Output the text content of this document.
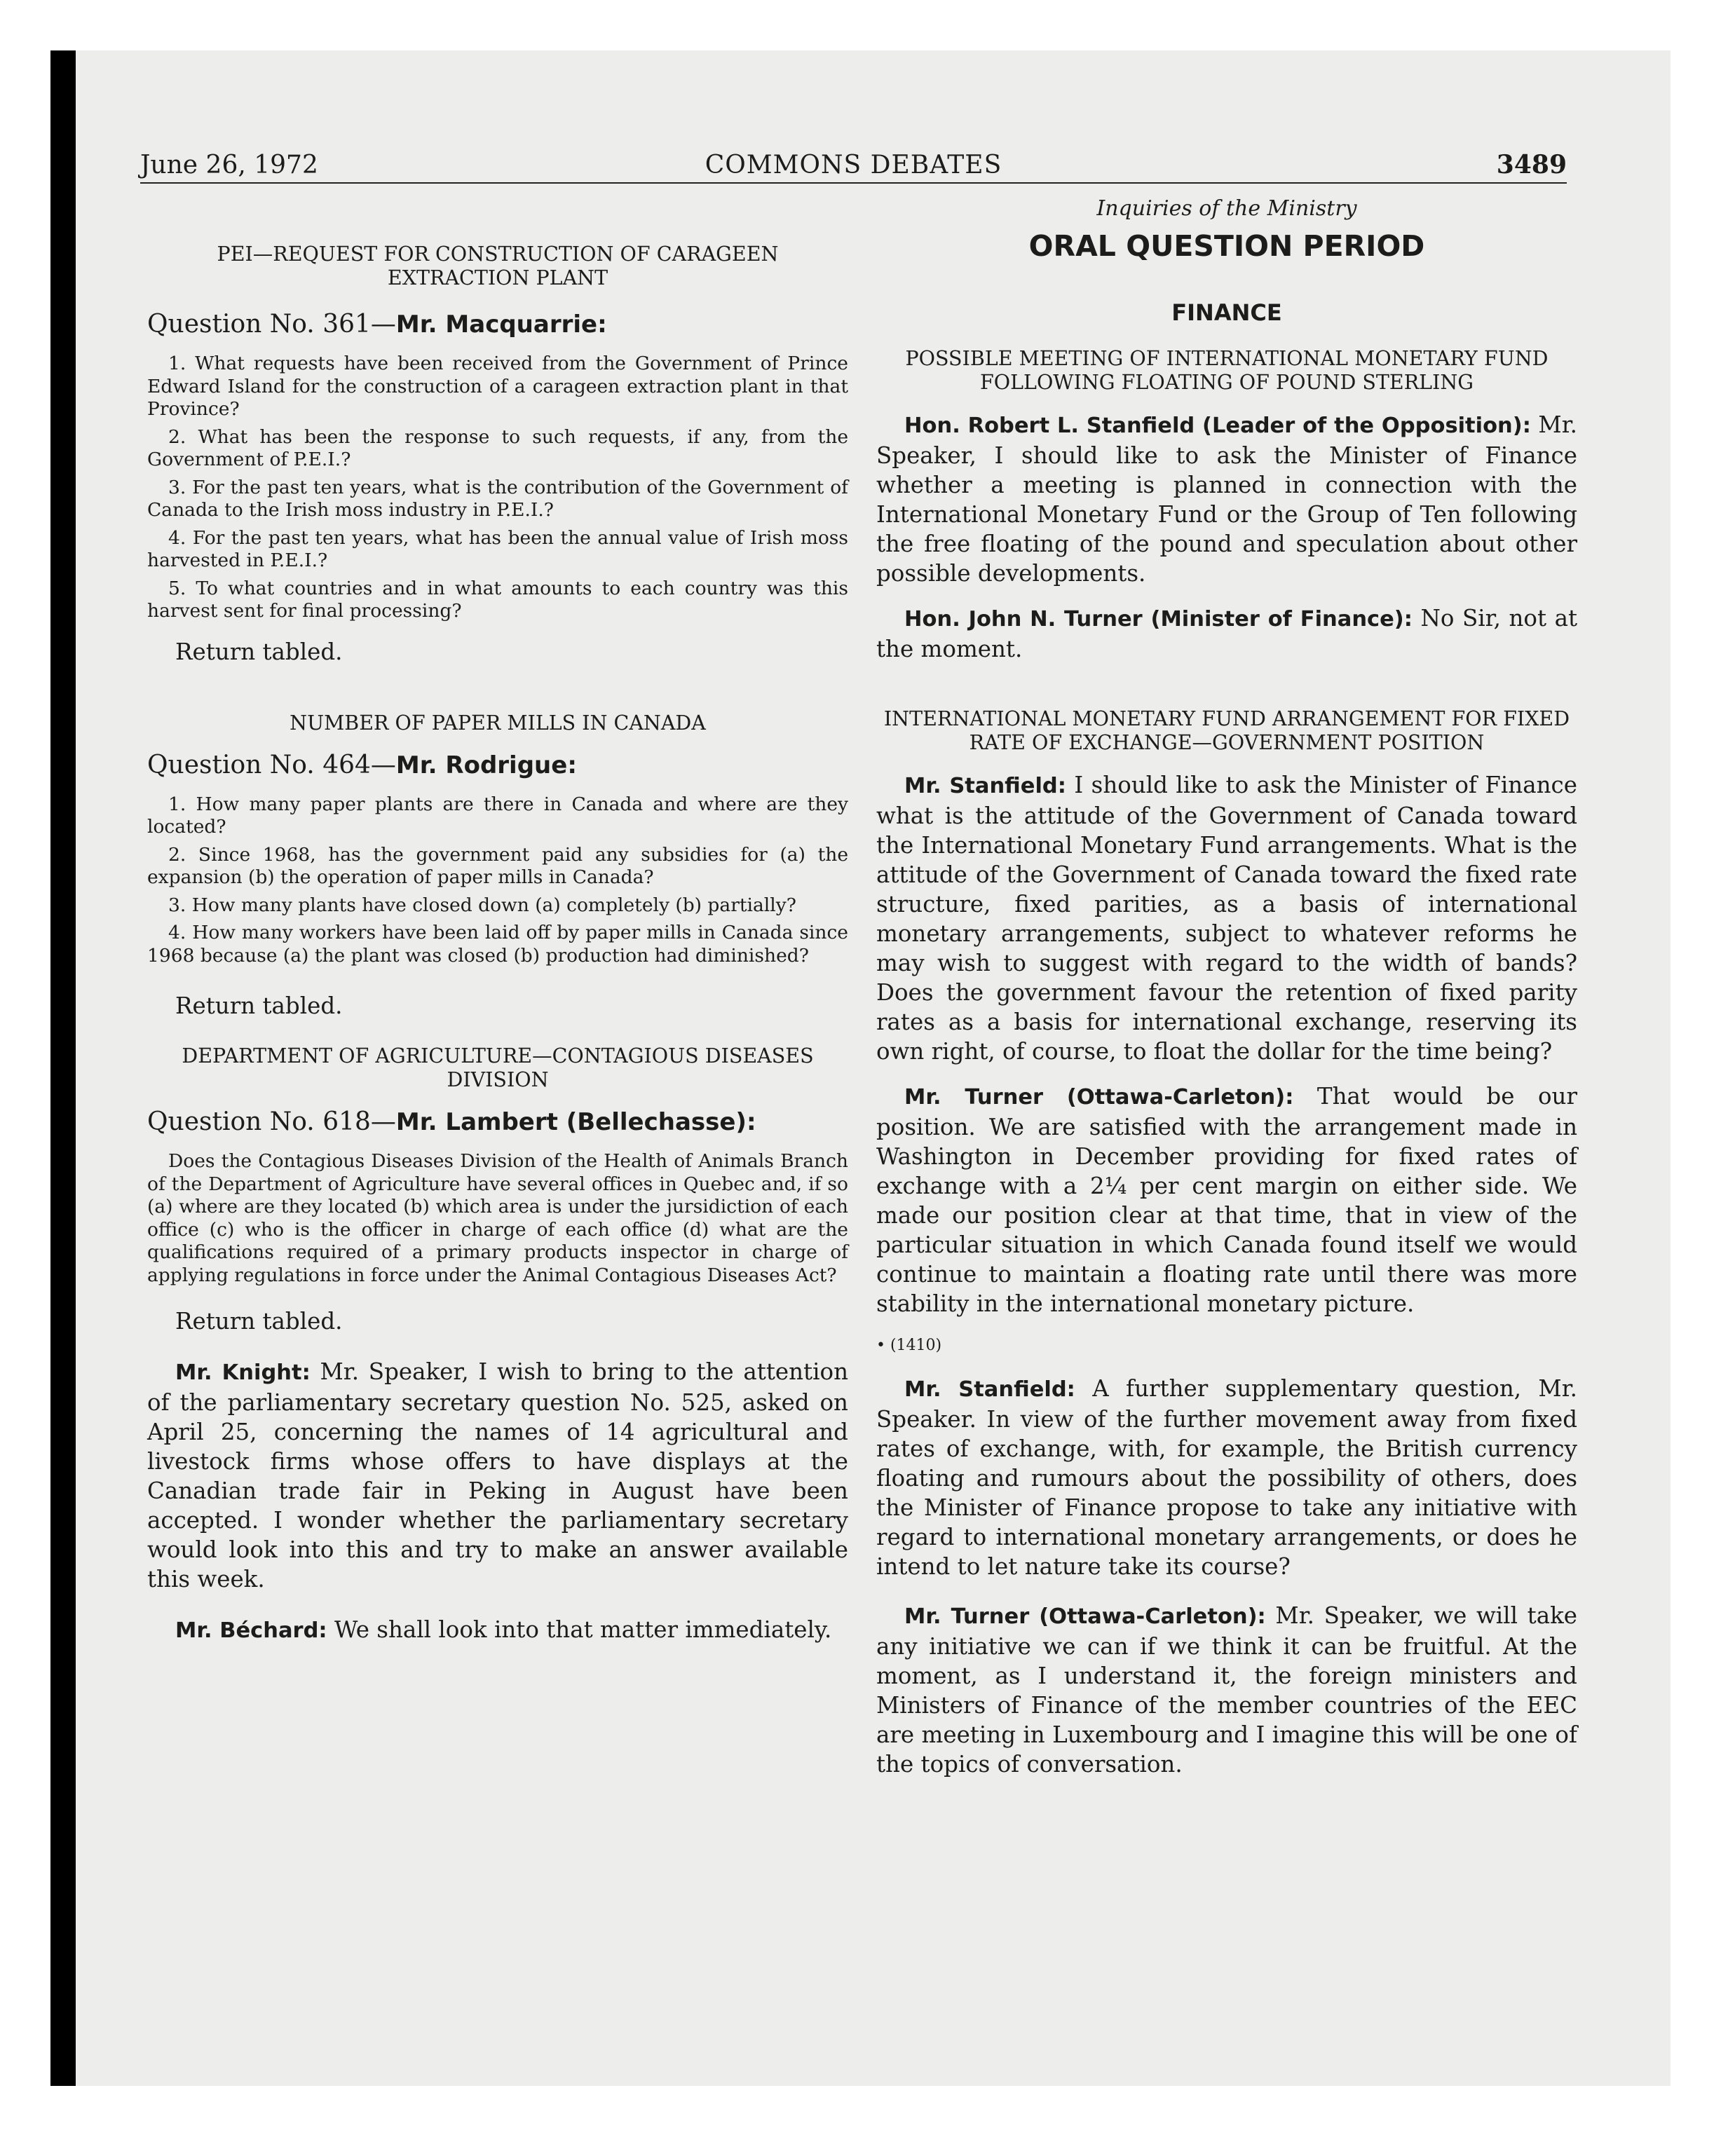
June 26, 1972	COMMONS DEBATES	3489

PEI—REQUEST FOR CONSTRUCTION OF CARAGEEN EXTRACTION PLANT

Question No. 361—Mr. Macquarrie:

1. What requests have been received from the Government of Prince Edward Island for the construction of a carageen extraction plant in that Province?

2. What has been the response to such requests, if any, from the Government of P.E.I.?

3. For the past ten years, what is the contribution of the Government of Canada to the Irish moss industry in P.E.I.?

4. For the past ten years, what has been the annual value of Irish moss harvested in P.E.I.?

5. To what countries and in what amounts to each country was this harvest sent for final processing?

Return tabled.

NUMBER OF PAPER MILLS IN CANADA

Question No. 464—Mr. Rodrigue:

1. How many paper plants are there in Canada and where are they located?

2. Since 1968, has the government paid any subsidies for (a) the expansion (b) the operation of paper mills in Canada?

3. How many plants have closed down (a) completely (b) partially?

4. How many workers have been laid off by paper mills in Canada since 1968 because (a) the plant was closed (b) production had diminished?

Return tabled.

DEPARTMENT OF AGRICULTURE—CONTAGIOUS DISEASES DIVISION

Question No. 618—Mr. Lambert (Bellechasse):

Does the Contagious Diseases Division of the Health of Animals Branch of the Department of Agriculture have several offices in Quebec and, if so (a) where are they located (b) which area is under the jursidiction of each office (c) who is the officer in charge of each office (d) what are the qualifications required of a primary products inspector in charge of applying regulations in force under the Animal Contagious Diseases Act?

Return tabled.

Mr. Knight: Mr. Speaker, I wish to bring to the attention of the parliamentary secretary question No. 525, asked on April 25, concerning the names of 14 agricultural and livestock firms whose offers to have displays at the Canadian trade fair in Peking in August have been accepted. I wonder whether the parliamentary secretary would look into this and try to make an answer available this week.

Mr. Béchard: We shall look into that matter immediately.

Inquiries of the Ministry

ORAL QUESTION PERIOD

FINANCE

POSSIBLE MEETING OF INTERNATIONAL MONETARY FUND FOLLOWING FLOATING OF POUND STERLING

Hon. Robert L. Stanfield (Leader of the Opposition): Mr. Speaker, I should like to ask the Minister of Finance whether a meeting is planned in connection with the International Monetary Fund or the Group of Ten following the free floating of the pound and speculation about other possible developments.

Hon. John N. Turner (Minister of Finance): No Sir, not at the moment.

INTERNATIONAL MONETARY FUND ARRANGEMENT FOR FIXED RATE OF EXCHANGE—GOVERNMENT POSITION

Mr. Stanfield: I should like to ask the Minister of Finance what is the attitude of the Government of Canada toward the International Monetary Fund arrangements. What is the attitude of the Government of Canada toward the fixed rate structure, fixed parities, as a basis of international monetary arrangements, subject to whatever reforms he may wish to suggest with regard to the width of bands? Does the government favour the retention of fixed parity rates as a basis for international exchange, reserving its own right, of course, to float the dollar for the time being?

Mr. Turner (Ottawa-Carleton): That would be our position. We are satisfied with the arrangement made in Washington in December providing for fixed rates of exchange with a 2¼ per cent margin on either side. We made our position clear at that time, that in view of the particular situation in which Canada found itself we would continue to maintain a floating rate until there was more stability in the international monetary picture.

• (1410)

Mr. Stanfield: A further supplementary question, Mr. Speaker. In view of the further movement away from fixed rates of exchange, with, for example, the British currency floating and rumours about the possibility of others, does the Minister of Finance propose to take any initiative with regard to international monetary arrangements, or does he intend to let nature take its course?

Mr. Turner (Ottawa-Carleton): Mr. Speaker, we will take any initiative we can if we think it can be fruitful. At the moment, as I understand it, the foreign ministers and Ministers of Finance of the member countries of the EEC are meeting in Luxembourg and I imagine this will be one of the topics of conversation.
